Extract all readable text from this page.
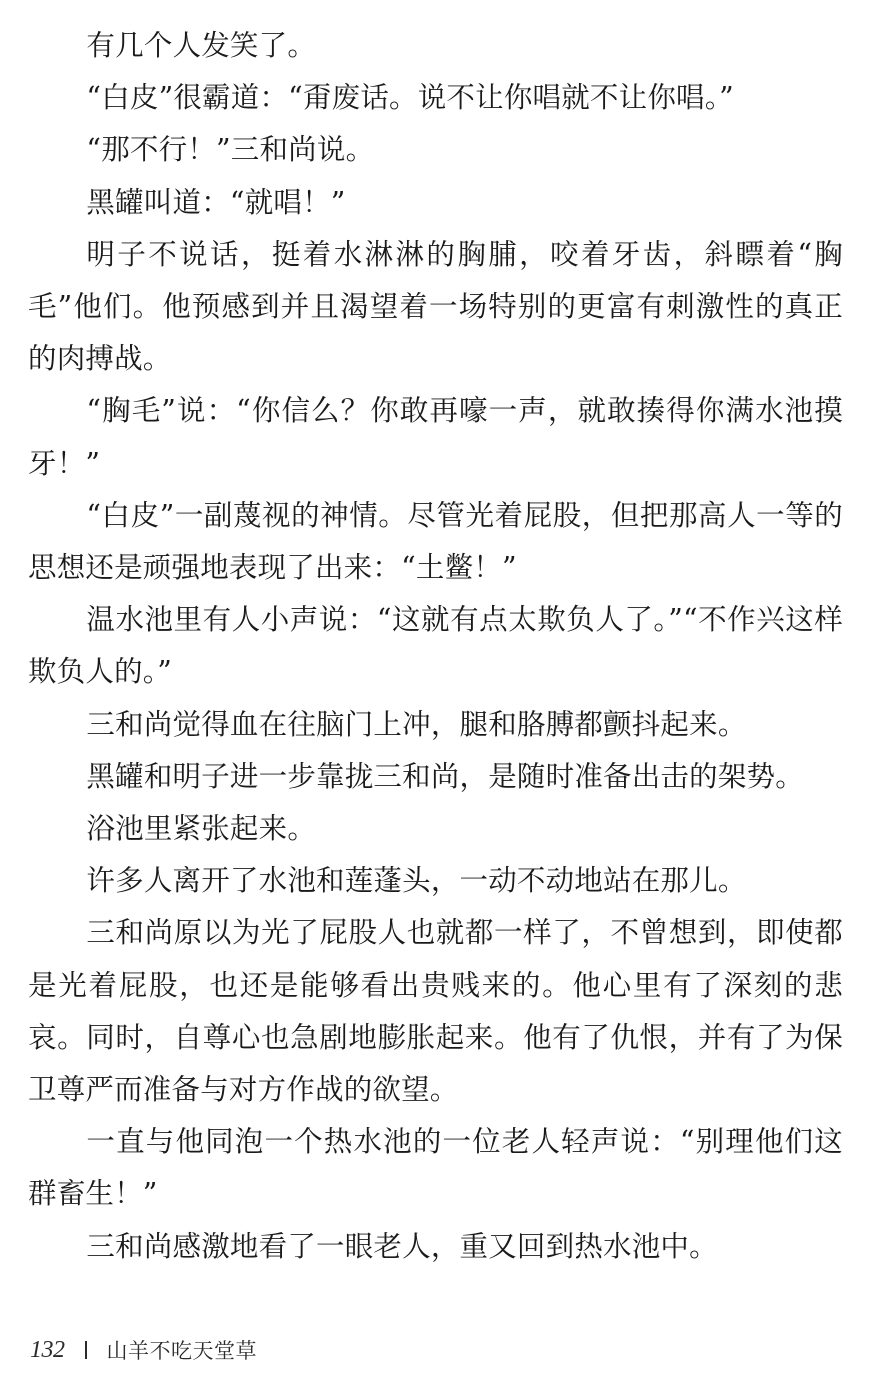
有几个人发笑了。

“白皮”很霸道：“甭废话。说不让你唱就不让你唱。”

“那不行！”三和尚说。

黑罐叫道：“就唱！”

明子不说话，挺着水淋淋的胸脯，咬着牙齿，斜瞟着“胸毛”他们。他预感到并且渴望着一场特别的更富有刺激性的真正的肉搏战。

“胸毛”说：“你信么？你敢再嚎一声，就敢揍得你满水池摸牙！”

“白皮”一副蔑视的神情。尽管光着屁股，但把那高人一等的思想还是顽强地表现了出来：“土鳖！”

温水池里有人小声说：“这就有点太欺负人了。”“不作兴这样欺负人的。”

三和尚觉得血在往脑门上冲，腿和胳膊都颤抖起来。

黑罐和明子进一步靠拢三和尚，是随时准备出击的架势。

浴池里紧张起来。

许多人离开了水池和莲蓬头，一动不动地站在那儿。

三和尚原以为光了屁股人也就都一样了，不曾想到，即使都是光着屁股，也还是能够看出贵贱来的。他心里有了深刻的悲哀。同时，自尊心也急剧地膨胀起来。他有了仇恨，并有了为保卫尊严而准备与对方作战的欲望。

一直与他同泡一个热水池的一位老人轻声说：“别理他们这群畜生！”

三和尚感激地看了一眼老人，重又回到热水池中。

132 山羊不吃天堂草
